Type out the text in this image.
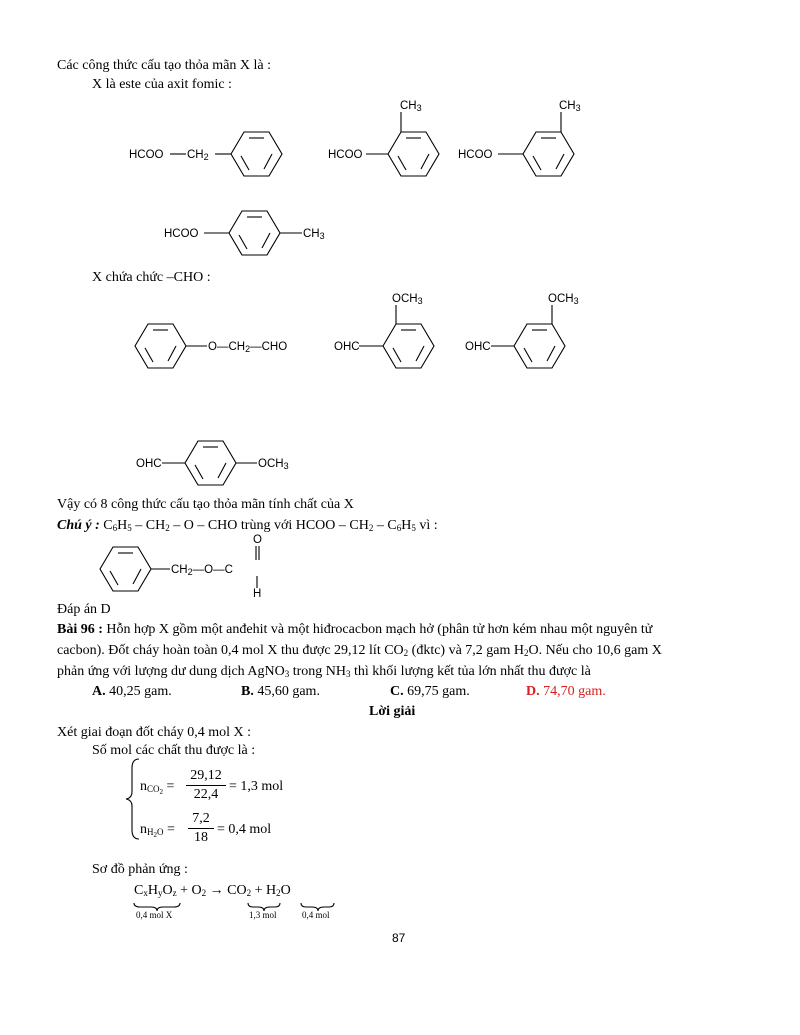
Các công thức cấu tạo thỏa mãn X là :
X là este của axit fomic :
HCOO $CH_2$	HCOO
$CH_3$
HCOO
$CH_3$
HCOO	$CH_3$
X chứa chức –CHO :
$O—CH_2—CHO$	OHC
$OCH_3$
OHC
$OCH_3$
OHC	$OCH_3$
Vậy có 8 công thức cấu tạo thỏa mãn tính chất của X
Chú ý : $C_6H_5 - CH_2$ – O – CHO trùng với HCOO – $CH_2 - C_6H_5$ vì :
$CH_2—O—C$
O
H
Đáp án D
Bài 96 : Hỗn hợp X gồm một anđehit và một hiđrocacbon mạch hở (phân tử hơn kém nhau một nguyên tử
cacbon). Đốt cháy hoàn toàn 0,4 mol X thu được 29,12 lít $CO_2$ (đktc) và 7,2 gam $H_2O$. Nếu cho 10,6 gam X
phản ứng với lượng dư dung dịch AgNO$_3$ trong $NH_3$ thì khối lượng kết tủa lớn nhất thu được là
A. 40,25 gam.	B. 45,60 gam.	C. 69,75 gam.	D. 74,70 gam.
Lời giải
Xét giai đoạn đốt cháy 0,4 mol X :
Số mol các chất thu được là :
$n_{CO_2}$ =
29,12
22,4
= 1,3 mol
$n_{H_2O}$ =
7,2
18
= 0,4 mol
Sơ đồ phản ứng :
$C_xH_yO_z + O_2 \to CO_2 + H_2O$
0,4 mol X	1,3 mol	0,4 mol
87
